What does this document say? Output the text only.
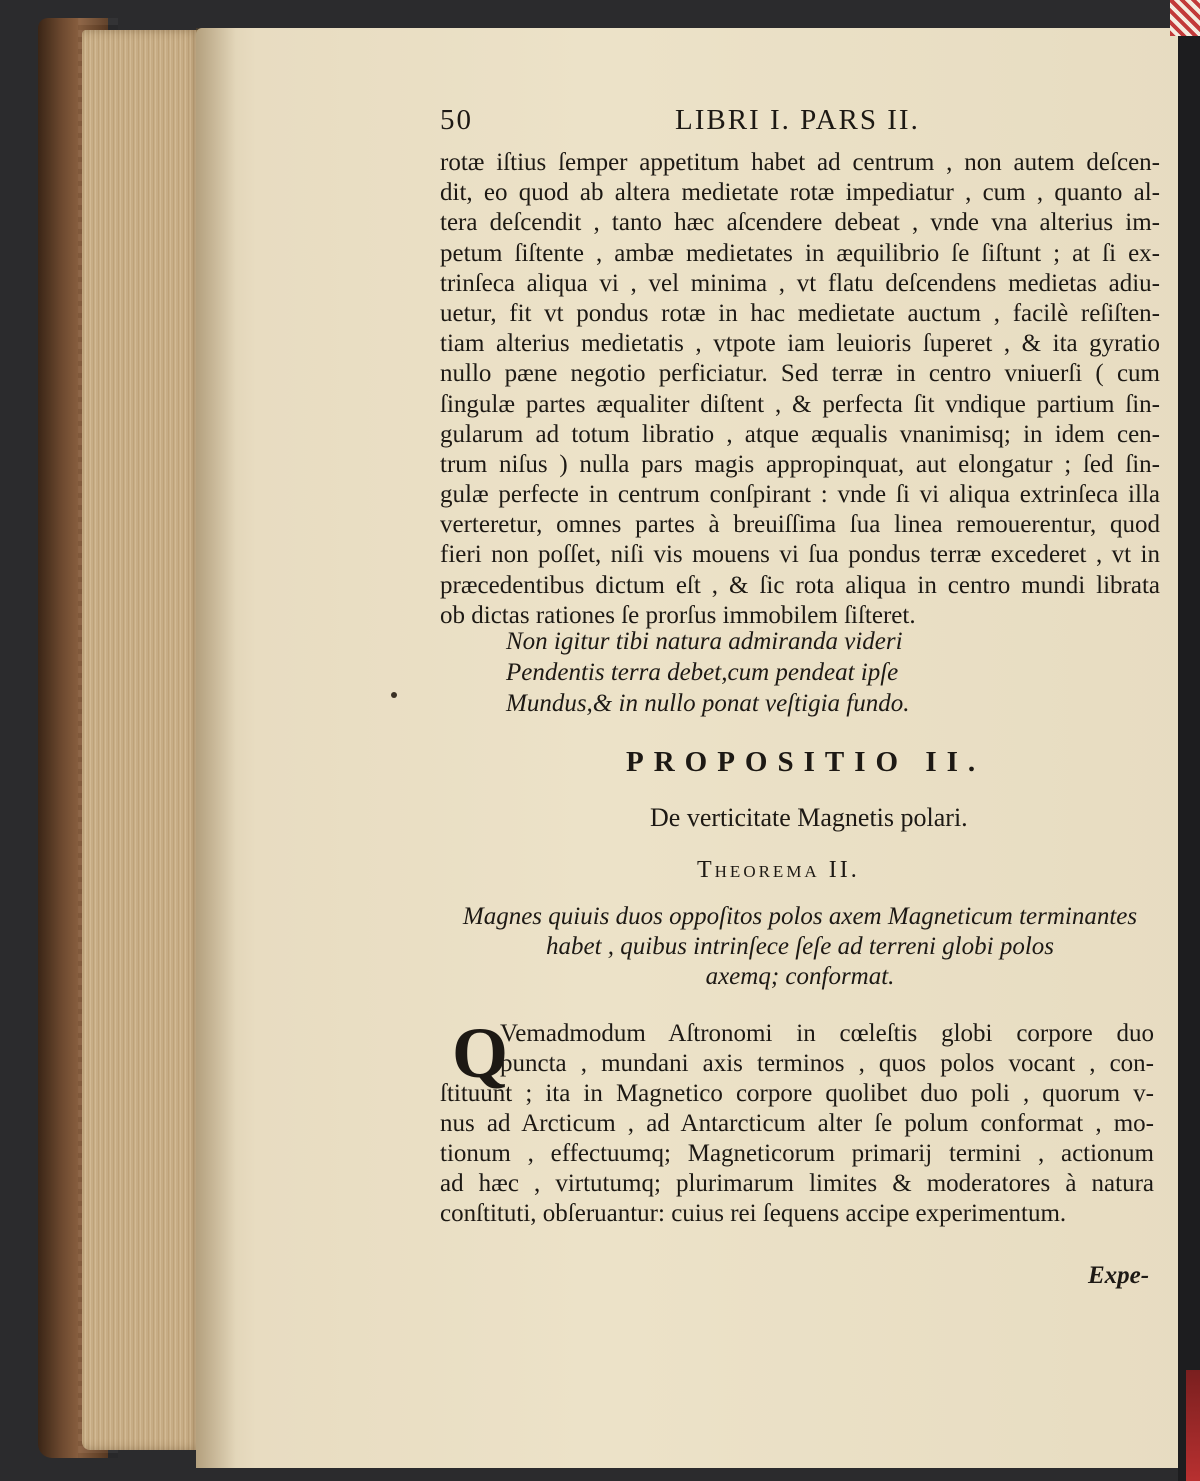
50	LIBRI I. PARS II.
rotæ iſtius ſemper appetitum habet ad centrum , non autem deſcen-
dit, eo quod ab altera medietate rotæ impediatur , cum , quanto al-
tera deſcendit , tanto hæc aſcendere debeat , vnde vna alterius im-
petum ſiſtente , ambæ medietates in æquilibrio ſe ſiſtunt ; at ſi ex-
trinſeca aliqua vi , vel minima , vt flatu deſcendens medietas adiu-
uetur, fit vt pondus rotæ in hac medietate auctum , facilè reſiſten-
tiam alterius medietatis , vtpote iam leuioris ſuperet , & ita gyratio
nullo pæne negotio perficiatur. Sed terræ in centro vniuerſi ( cum
ſingulæ partes æqualiter diſtent , & perfecta ſit vndique partium ſin-
gularum ad totum libratio , atque æqualis vnanimisq; in idem cen-
trum niſus ) nulla pars magis appropinquat, aut elongatur ; ſed ſin-
gulæ perfecte in centrum conſpirant : vnde ſi vi aliqua extrinſeca illa
verteretur, omnes partes à breuiſſima ſua linea remouerentur, quod
fieri non poſſet, niſi vis mouens vi ſua pondus terræ excederet , vt in
præcedentibus dictum eſt , & ſic rota aliqua in centro mundi librata
ob dictas rationes ſe prorſus immobilem ſiſteret.
Non igitur tibi natura admiranda videri
Pendentis terra debet,cum pendeat ipſe
Mundus,& in nullo ponat veſtigia fundo.
PROPOSITIO II.
De verticitate Magnetis polari.
Theorema II.
Magnes quiuis duos oppoſitos polos axem Magneticum terminantes
habet , quibus intrinſece ſeſe ad terreni globi polos
axemq; conformat.
Q
Vemadmodum Aſtronomi in cœleſtis globi corpore duo
puncta , mundani axis terminos , quos polos vocant , con-
ſtituunt ; ita in Magnetico corpore quolibet duo poli , quorum v-
nus ad Arcticum , ad Antarcticum alter ſe polum conformat , mo-
tionum , effectuumq; Magneticorum primarij termini , actionum
ad hæc , virtutumq; plurimarum limites & moderatores à natura
conſtituti, obſeruantur: cuius rei ſequens accipe experimentum.
Expe-
